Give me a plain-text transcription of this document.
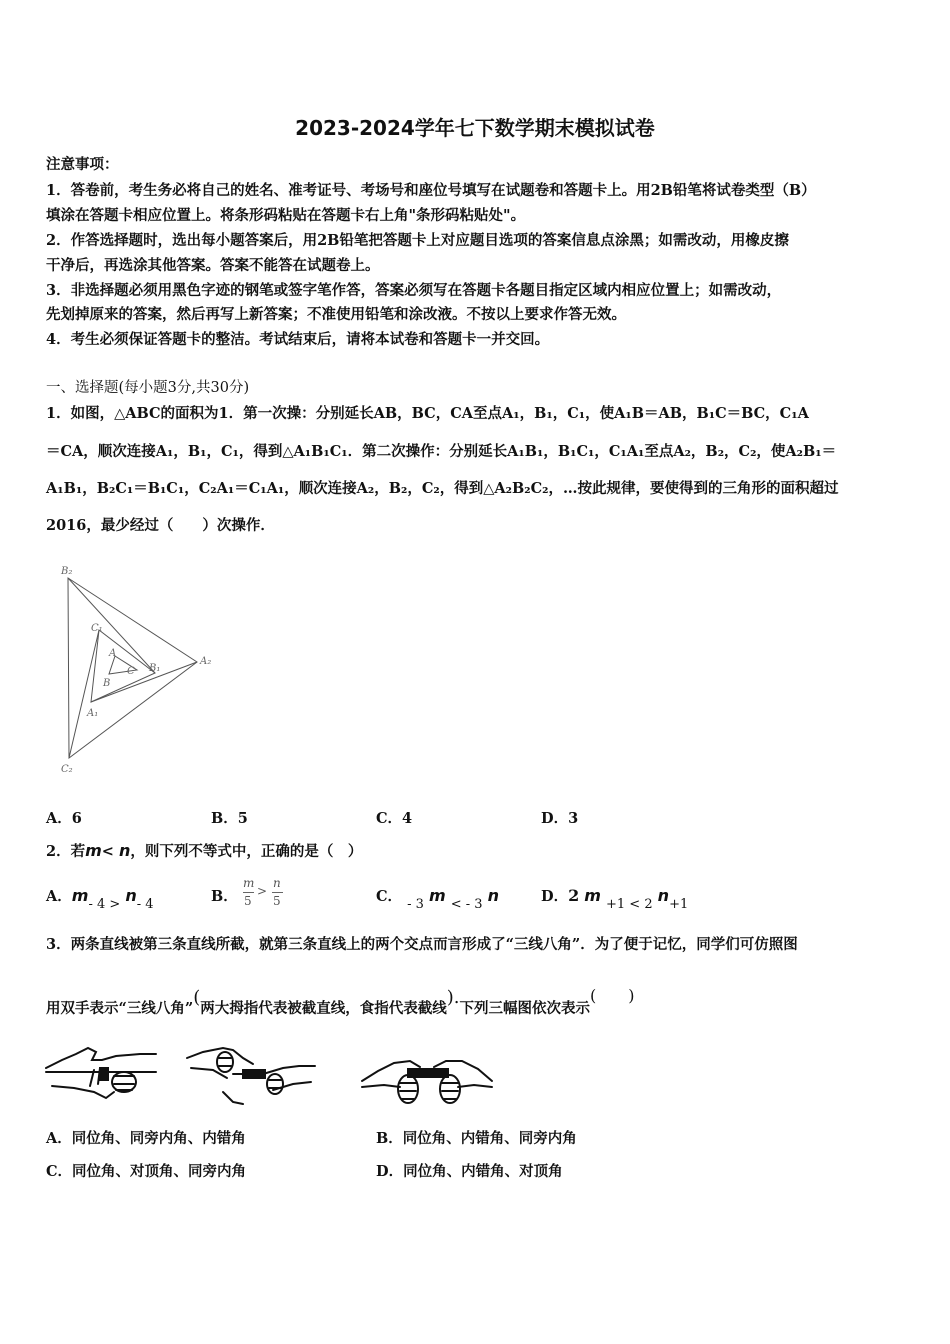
2023-2024学年七下数学期末模拟试卷
注意事项：
1．答卷前，考生务必将自己的姓名、准考证号、考场号和座位号填写在试题卷和答题卡上。用2B铅笔将试卷类型（B）
填涂在答题卡相应位置上。将条形码粘贴在答题卡右上角"条形码粘贴处"。
2．作答选择题时，选出每小题答案后，用2B铅笔把答题卡上对应题目选项的答案信息点涂黑；如需改动，用橡皮擦
干净后，再选涂其他答案。答案不能答在试题卷上。
3．非选择题必须用黑色字迹的钢笔或签字笔作答，答案必须写在答题卡各题目指定区域内相应位置上；如需改动，
先划掉原来的答案，然后再写上新答案；不准使用铅笔和涂改液。不按以上要求作答无效。
4．考生必须保证答题卡的整洁。考试结束后，请将本试卷和答题卡一并交回。
一、选择题(每小题3分,共30分)
1．如图，△ABC的面积为1．第一次操：分别延长AB，BC，CA至点A₁，B₁，C₁，使A₁B＝AB，B₁C＝BC，C₁A
＝CA，顺次连接A₁，B₁，C₁，得到△A₁B₁C₁．第二次操作：分别延长A₁B₁，B₁C₁，C₁A₁至点A₂，B₂，C₂，使A₂B₁＝
A₁B₁，B₂C₁＝B₁C₁，C₂A₁＝C₁A₁，顺次连接A₂，B₂，C₂，得到△A₂B₂C₂，…按此规律，要使得到的三角形的面积超过
2016，最少经过（　　）次操作．
B₂
C₁
A
C B₁
A₂
B
A₁
C₂
A．6	B．5	C．4	D．3
2．若m< n，则下列不等式中，正确的是（　）
A．m- 4 > n- 4	B．
m
5
>
n
5	C． - 3 m < - 3 n	D．2 m +1 < 2 n+1
3．两条直线被第三条直线所截，就第三条直线上的两个交点而言形成了“三线八角”．为了便于记忆，同学们可仿照图
用双手表示“三线八角”(两大拇指代表被截直线，食指代表截线).下列三幅图依次表示(　　)
A．同位角、同旁内角、内错角	B．同位角、内错角、同旁内角
C．同位角、对顶角、同旁内角	D．同位角、内错角、对顶角
